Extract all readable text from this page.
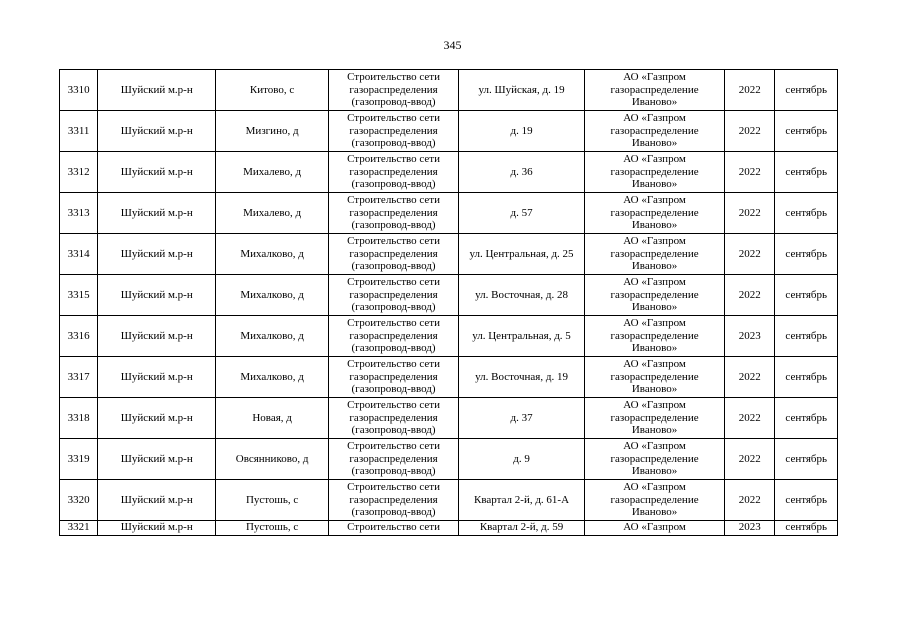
345
3310	Шуйский м.р-н	Китово, с	Строительство сети
газораспределения
(газопровод-ввод)	ул. Шуйская, д. 19	АО «Газпром
газораспределение
Иваново»	2022	сентябрь
3311	Шуйский м.р-н	Мизгино, д	Строительство сети
газораспределения
(газопровод-ввод)	д. 19	АО «Газпром
газораспределение
Иваново»	2022	сентябрь
3312	Шуйский м.р-н	Михалево, д	Строительство сети
газораспределения
(газопровод-ввод)	д. 36	АО «Газпром
газораспределение
Иваново»	2022	сентябрь
3313	Шуйский м.р-н	Михалево, д	Строительство сети
газораспределения
(газопровод-ввод)	д. 57	АО «Газпром
газораспределение
Иваново»	2022	сентябрь
3314	Шуйский м.р-н	Михалково, д	Строительство сети
газораспределения
(газопровод-ввод)	ул. Центральная, д. 25	АО «Газпром
газораспределение
Иваново»	2022	сентябрь
3315	Шуйский м.р-н	Михалково, д	Строительство сети
газораспределения
(газопровод-ввод)	ул. Восточная, д. 28	АО «Газпром
газораспределение
Иваново»	2022	сентябрь
3316	Шуйский м.р-н	Михалково, д	Строительство сети
газораспределения
(газопровод-ввод)	ул. Центральная, д. 5	АО «Газпром
газораспределение
Иваново»	2023	сентябрь
3317	Шуйский м.р-н	Михалково, д	Строительство сети
газораспределения
(газопровод-ввод)	ул. Восточная, д. 19	АО «Газпром
газораспределение
Иваново»	2022	сентябрь
3318	Шуйский м.р-н	Новая, д	Строительство сети
газораспределения
(газопровод-ввод)	д. 37	АО «Газпром
газораспределение
Иваново»	2022	сентябрь
3319	Шуйский м.р-н	Овсянниково, д	Строительство сети
газораспределения
(газопровод-ввод)	д. 9	АО «Газпром
газораспределение
Иваново»	2022	сентябрь
3320	Шуйский м.р-н	Пустошь, с	Строительство сети
газораспределения
(газопровод-ввод)	Квартал 2-й, д. 61-А	АО «Газпром
газораспределение
Иваново»	2022	сентябрь
3321	Шуйский м.р-н	Пустошь, с	Строительство сети	Квартал 2-й, д. 59	АО «Газпром	2023	сентябрь
